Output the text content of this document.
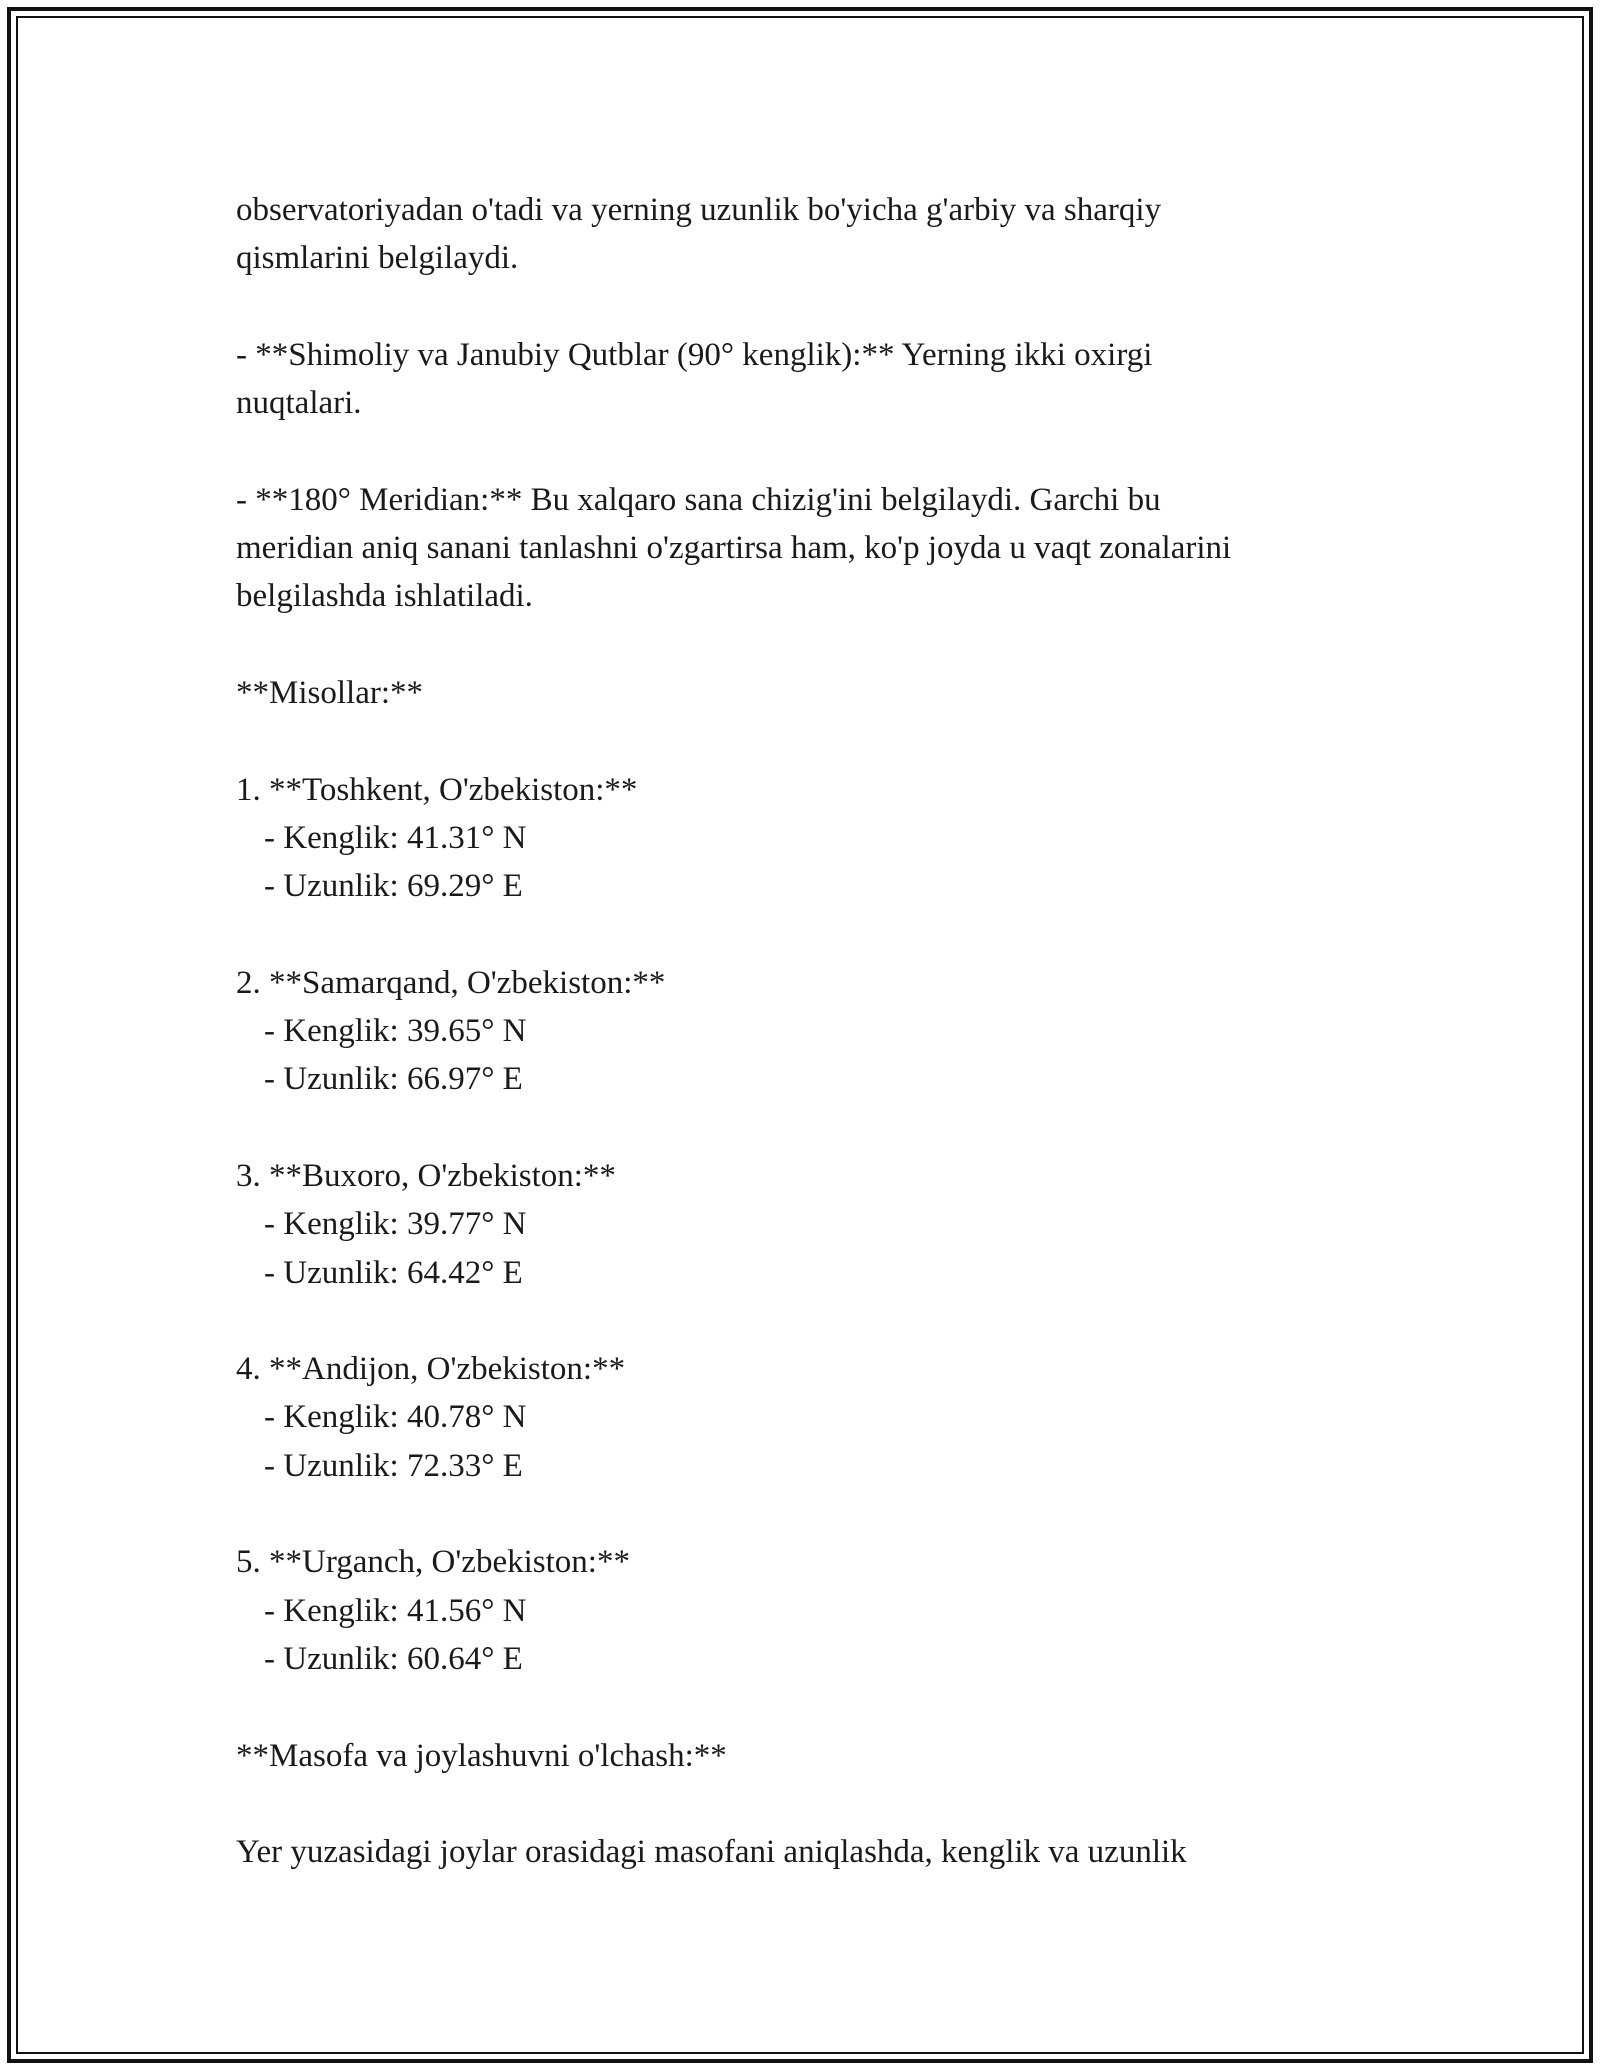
observatoriyadan o'tadi va yerning uzunlik bo'yicha g'arbiy va sharqiy

qismlarini belgilaydi.

- **Shimoliy va Janubiy Qutblar (90° kenglik):** Yerning ikki oxirgi

nuqtalari.

- **180° Meridian:** Bu xalqaro sana chizig'ini belgilaydi. Garchi bu

meridian aniq sanani tanlashni o'zgartirsa ham, ko'p joyda u vaqt zonalarini

belgilashda ishlatiladi.

**Misollar:**

1. **Toshkent, O'zbekiston:**

- Kenglik: 41.31° N

- Uzunlik: 69.29° E

2. **Samarqand, O'zbekiston:**

- Kenglik: 39.65° N

- Uzunlik: 66.97° E

3. **Buxoro, O'zbekiston:**

- Kenglik: 39.77° N

- Uzunlik: 64.42° E

4. **Andijon, O'zbekiston:**

- Kenglik: 40.78° N

- Uzunlik: 72.33° E

5. **Urganch, O'zbekiston:**

- Kenglik: 41.56° N

- Uzunlik: 60.64° E

**Masofa va joylashuvni o'lchash:**

Yer yuzasidagi joylar orasidagi masofani aniqlashda, kenglik va uzunlik
